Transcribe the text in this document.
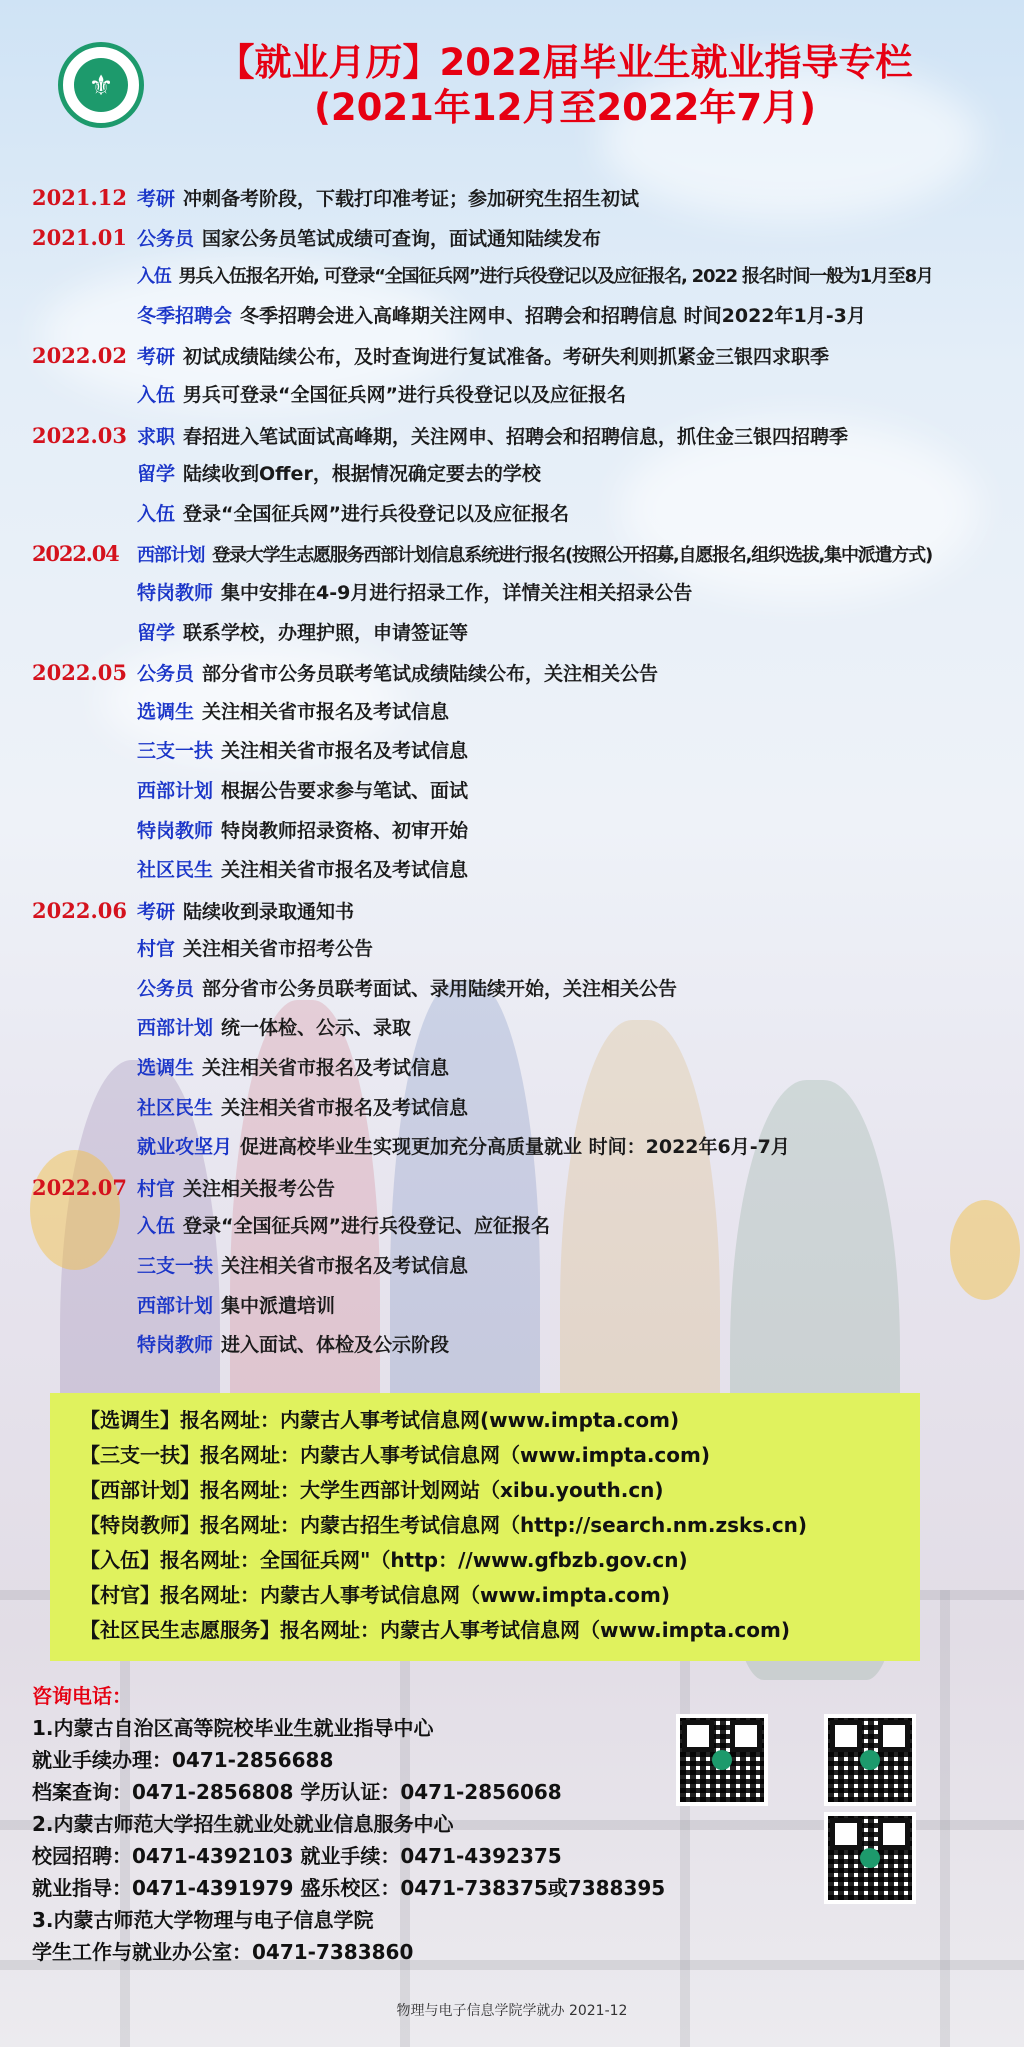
⚜
【就业月历】2022届毕业生就业指导专栏
(2021年12月至2022年7月)
2021.12 考研 冲刺备考阶段，下载打印准考证；参加研究生招生初试
2021.01 公务员 国家公务员笔试成绩可查询，面试通知陆续发布
入伍 男兵入伍报名开始, 可登录“全国征兵网”进行兵役登记以及应征报名, 2022 报名时间一般为1月至8月
冬季招聘会 冬季招聘会进入高峰期关注网申、招聘会和招聘信息 时间2022年1月-3月
2022.02 考研 初试成绩陆续公布，及时查询进行复试准备。考研失利则抓紧金三银四求职季
入伍 男兵可登录“全国征兵网”进行兵役登记以及应征报名
2022.03 求职 春招进入笔试面试高峰期，关注网申、招聘会和招聘信息，抓住金三银四招聘季
留学 陆续收到Offer，根据情况确定要去的学校
入伍 登录“全国征兵网”进行兵役登记以及应征报名
2022.04 西部计划 登录大学生志愿服务西部计划信息系统进行报名(按照公开招募,自愿报名,组织选拔,集中派遣方式)
特岗教师 集中安排在4-9月进行招录工作，详情关注相关招录公告
留学 联系学校，办理护照，申请签证等
2022.05 公务员 部分省市公务员联考笔试成绩陆续公布，关注相关公告
选调生 关注相关省市报名及考试信息
三支一扶 关注相关省市报名及考试信息
西部计划 根据公告要求参与笔试、面试
特岗教师 特岗教师招录资格、初审开始
社区民生 关注相关省市报名及考试信息
2022.06 考研 陆续收到录取通知书
村官 关注相关省市招考公告
公务员 部分省市公务员联考面试、录用陆续开始，关注相关公告
西部计划 统一体检、公示、录取
选调生 关注相关省市报名及考试信息
社区民生 关注相关省市报名及考试信息
就业攻坚月 促进高校毕业生实现更加充分高质量就业 时间：2022年6月-7月
2022.07 村官 关注相关报考公告
入伍 登录“全国征兵网”进行兵役登记、应征报名
三支一扶 关注相关省市报名及考试信息
西部计划 集中派遣培训
特岗教师 进入面试、体检及公示阶段
【选调生】报名网址：内蒙古人事考试信息网(www.impta.com)
【三支一扶】报名网址：内蒙古人事考试信息网（www.impta.com)
【西部计划】报名网址：大学生西部计划网站（xibu.youth.cn)
【特岗教师】报名网址：内蒙古招生考试信息网（http://search.nm.zsks.cn)
【入伍】报名网址：全国征兵网"（http：//www.gfbzb.gov.cn)
【村官】报名网址：内蒙古人事考试信息网（www.impta.com)
【社区民生志愿服务】报名网址：内蒙古人事考试信息网（www.impta.com)
咨询电话：
1.内蒙古自治区高等院校毕业生就业指导中心
就业手续办理：0471-2856688
档案查询：0471-2856808 学历认证：0471-2856068
2.内蒙古师范大学招生就业处就业信息服务中心
校园招聘：0471-4392103 就业手续：0471-4392375
就业指导：0471-4391979 盛乐校区：0471-738375或7388395
3.内蒙古师范大学物理与电子信息学院
学生工作与就业办公室：0471-7383860
物理与电子信息学院学就办 2021-12
